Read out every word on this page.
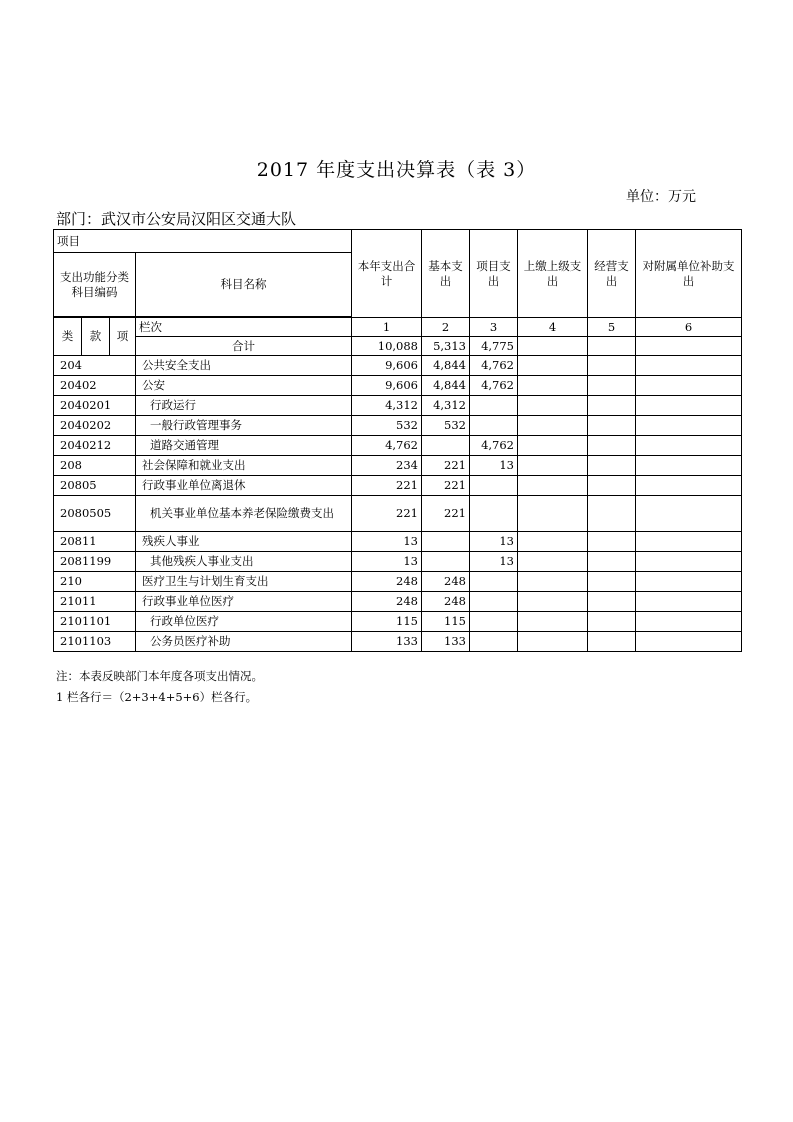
2017 年度支出决算表（表 3）
单位：万元
部门：武汉市公安局汉阳区交通大队
项目				本年支出合计	基本支出	项目支出	上缴上级支出	经营支出	对附属单位补助支出
支出功能分类科目编码			科目名称						

类	款	项	栏次	1	2	3	4	5	6
			合计	10,088	5,313	4,775			
204			公共安全支出	9,606	4,844	4,762			
20402			公安	9,606	4,844	4,762			
2040201			行政运行	4,312	4,312				
2040202			一般行政管理事务	532	532				
2040212			道路交通管理	4,762		4,762			
208			社会保障和就业支出	234	221	13			
20805			行政事业单位离退休	221	221				
2080505			机关事业单位基本养老保险缴费支出	221	221				
20811			残疾人事业	13		13			
2081199			其他残疾人事业支出	13		13			
210			医疗卫生与计划生育支出	248	248				
21011			行政事业单位医疗	248	248				
2101101			行政单位医疗	115	115				
2101103			公务员医疗补助	133	133				
注：本表反映部门本年度各项支出情况。
1 栏各行＝（2+3+4+5+6）栏各行。
